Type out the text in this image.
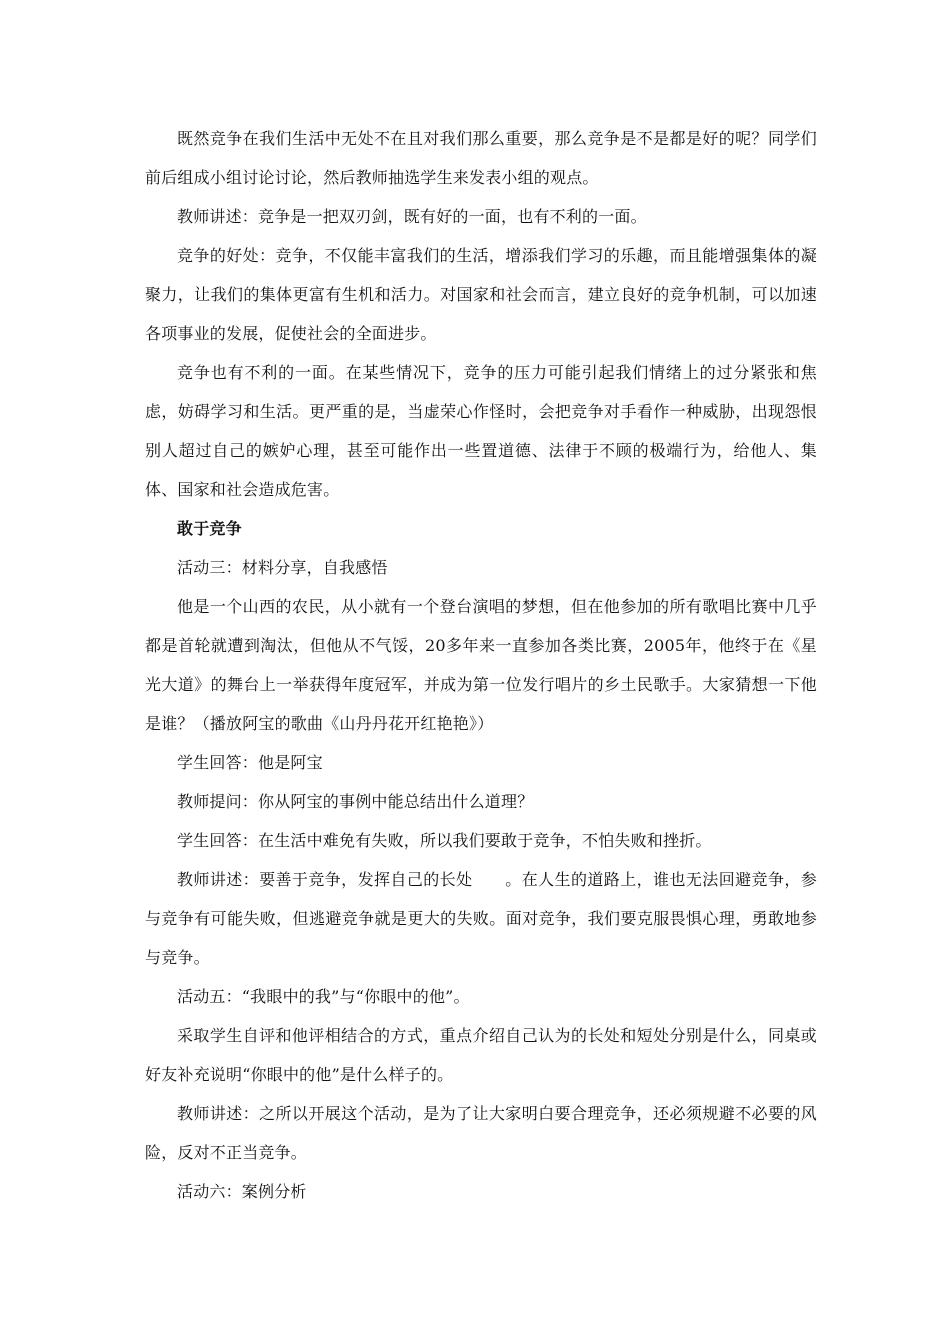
既然竞争在我们生活中无处不在且对我们那么重要，那么竞争是不是都是好的呢？同学们前后组成小组讨论讨论，然后教师抽选学生来发表小组的观点。

教师讲述：竞争是一把双刃剑，既有好的一面，也有不利的一面。

竞争的好处：竞争，不仅能丰富我们的生活，增添我们学习的乐趣，而且能增强集体的凝聚力，让我们的集体更富有生机和活力。对国家和社会而言，建立良好的竞争机制，可以加速各项事业的发展，促使社会的全面进步。

竞争也有不利的一面。在某些情况下，竞争的压力可能引起我们情绪上的过分紧张和焦虑，妨碍学习和生活。更严重的是，当虚荣心作怪时，会把竞争对手看作一种威胁，出现怨恨别人超过自己的嫉妒心理，甚至可能作出一些置道德、法律于不顾的极端行为，给他人、集体、国家和社会造成危害。

敢于竞争

活动三：材料分享，自我感悟

他是一个山西的农民，从小就有一个登台演唱的梦想，但在他参加的所有歌唱比赛中几乎都是首轮就遭到淘汰，但他从不气馁，20多年来一直参加各类比赛，2005年，他终于在《星光大道》的舞台上一举获得年度冠军，并成为第一位发行唱片的乡土民歌手。大家猜想一下他是谁？（播放阿宝的歌曲《山丹丹花开红艳艳》）

学生回答：他是阿宝

教师提问：你从阿宝的事例中能总结出什么道理？

学生回答：在生活中难免有失败，所以我们要敢于竞争，不怕失败和挫折。

教师讲述：要善于竞争，发挥自己的长处　　。在人生的道路上，谁也无法回避竞争，参与竞争有可能失败，但逃避竞争就是更大的失败。面对竞争，我们要克服畏惧心理，勇敢地参与竞争。

活动五：“我眼中的我”与“你眼中的他”。

采取学生自评和他评相结合的方式，重点介绍自己认为的长处和短处分别是什么，同桌或好友补充说明“你眼中的他”是什么样子的。

教师讲述：之所以开展这个活动，是为了让大家明白要合理竞争，还必须规避不必要的风险，反对不正当竞争。

活动六：案例分析
